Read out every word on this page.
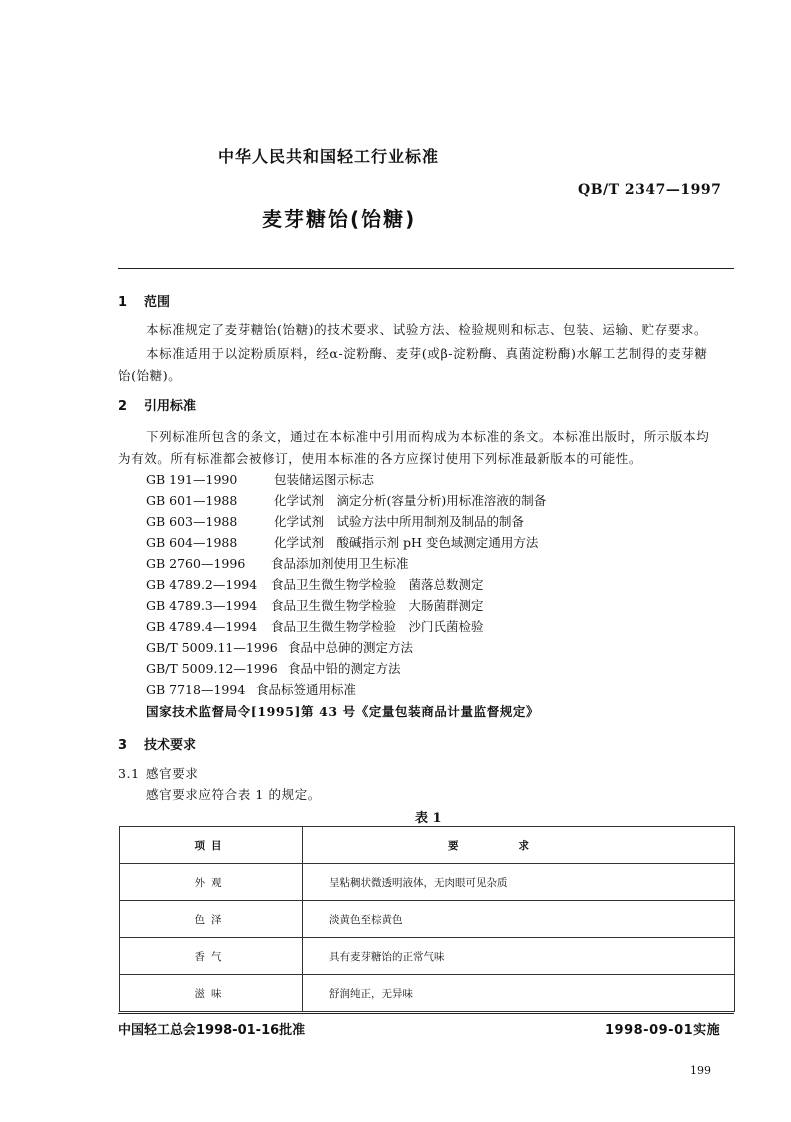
中华人民共和国轻工行业标准
QB/T 2347—1997
麦芽糖饴(饴糖)
1 范围
本标准规定了麦芽糖饴(饴糖)的技术要求、试验方法、检验规则和标志、包装、运输、贮存要求。
本标准适用于以淀粉质原料，经α-淀粉酶、麦芽(或β-淀粉酶、真菌淀粉酶)水解工艺制得的麦芽糖
饴(饴糖)。
2 引用标准
下列标准所包含的条文，通过在本标准中引用而构成为本标准的条文。本标准出版时，所示版本均
为有效。所有标准都会被修订，使用本标准的各方应探讨使用下列标准最新版本的可能性。
GB 191—1990	包装储运图示标志
GB 601—1988	化学试剂　滴定分析(容量分析)用标准溶液的制备
GB 603—1988	化学试剂　试验方法中所用制剂及制品的制备
GB 604—1988	化学试剂　酸碱指示剂 pH 变色域测定通用方法
GB 2760—1996 食品添加剂使用卫生标准
GB 4789.2—1994 食品卫生微生物学检验　菌落总数测定
GB 4789.3—1994 食品卫生微生物学检验　大肠菌群测定
GB 4789.4—1994 食品卫生微生物学检验　沙门氏菌检验
GB/T 5009.11—1996 食品中总砷的测定方法
GB/T 5009.12—1996 食品中铅的测定方法
GB 7718—1994 食品标签通用标准
国家技术监督局令[1995]第 43 号《定量包装商品计量监督规定》
3 技术要求
3.1 感官要求
感官要求应符合表 1 的规定。
表 1
项目	要求
外观	呈粘稠状微透明液体，无肉眼可见杂质
色泽	淡黄色至棕黄色
香气	具有麦芽糖饴的正常气味
滋味	舒润纯正，无异味
中国轻工总会1998-01-16批准	1998-09-01实施
199
